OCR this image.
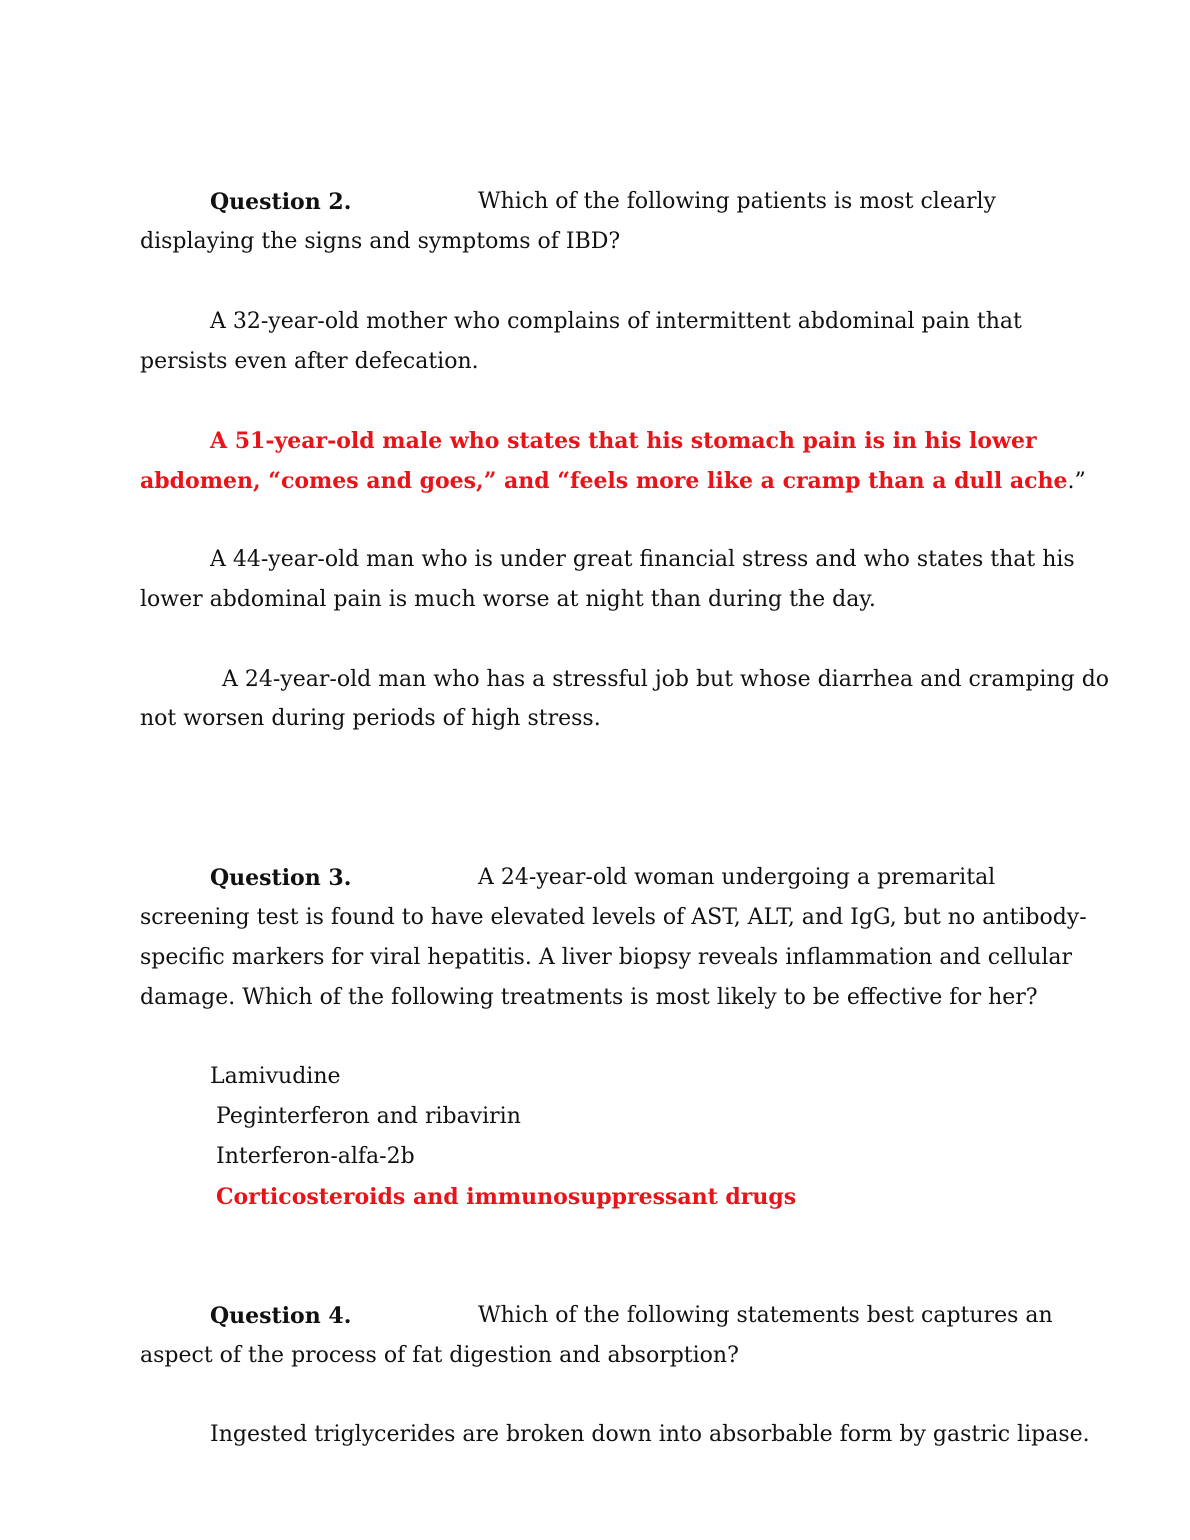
Question 2.	Which of the following patients is most clearly
displaying the signs and symptoms of IBD?
A 32-year-old mother who complains of intermittent abdominal pain that
persists even after defecation.
A 51-year-old male who states that his stomach pain is in his lower
abdomen, “comes and goes,” and “feels more like a cramp than a dull ache.”
A 44-year-old man who is under great financial stress and who states that his
lower abdominal pain is much worse at night than during the day.
A 24-year-old man who has a stressful job but whose diarrhea and cramping do
not worsen during periods of high stress.
Question 3.	A 24-year-old woman undergoing a premarital
screening test is found to have elevated levels of AST, ALT, and IgG, but no antibody-
specific markers for viral hepatitis. A liver biopsy reveals inflammation and cellular
damage. Which of the following treatments is most likely to be effective for her?
Lamivudine
Peginterferon and ribavirin
Interferon-alfa-2b
Corticosteroids and immunosuppressant drugs
Question 4.	Which of the following statements best captures an
aspect of the process of fat digestion and absorption?
Ingested triglycerides are broken down into absorbable form by gastric lipase.
